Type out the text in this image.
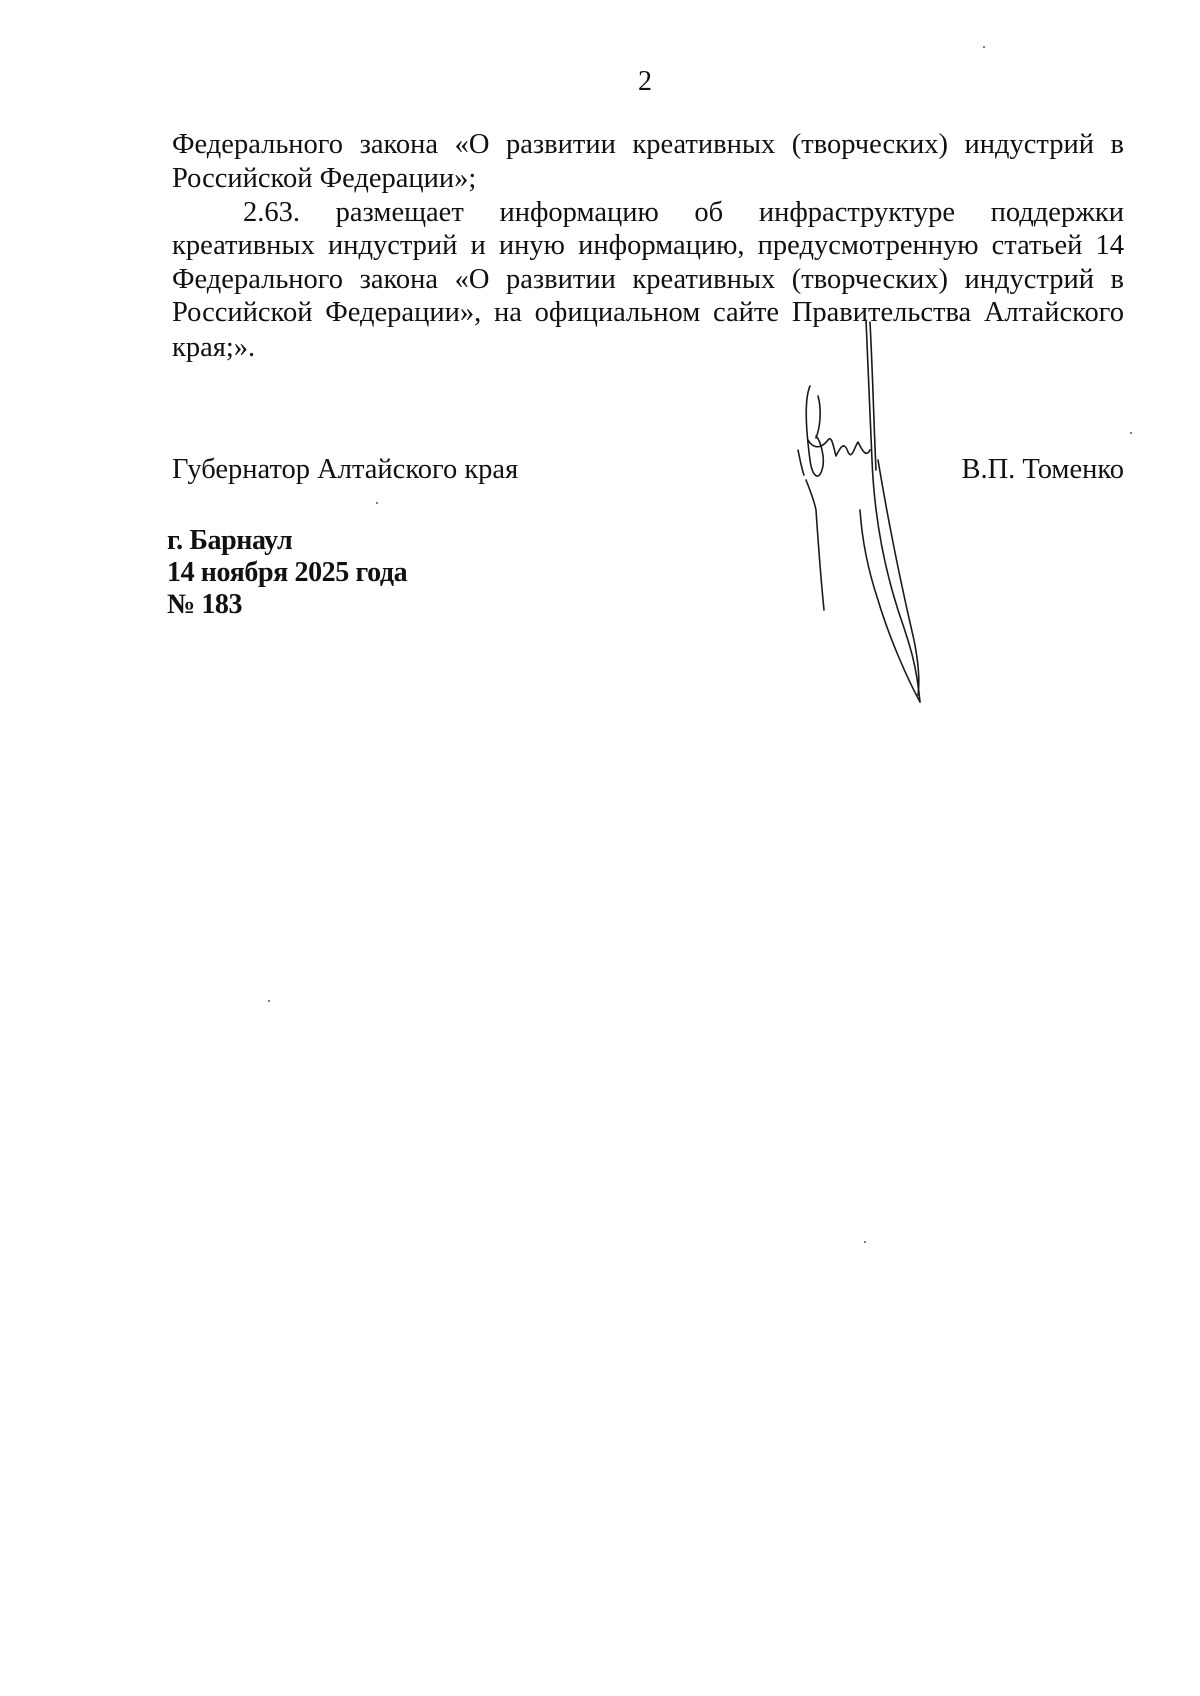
2
Федерального закона «О развитии креативных (творческих) индустрий в
Российской Федерации»;
2.63. размещает информацию об инфраструктуре поддержки
креативных индустрий и иную информацию, предусмотренную статьей 14
Федерального закона «О развитии креативных (творческих) индустрий в
Российской Федерации», на официальном сайте Правительства Алтайского
края;».
Губернатор Алтайского края	В.П. Томенко
г. Барнаул
14 ноября 2025 года
№ 183
